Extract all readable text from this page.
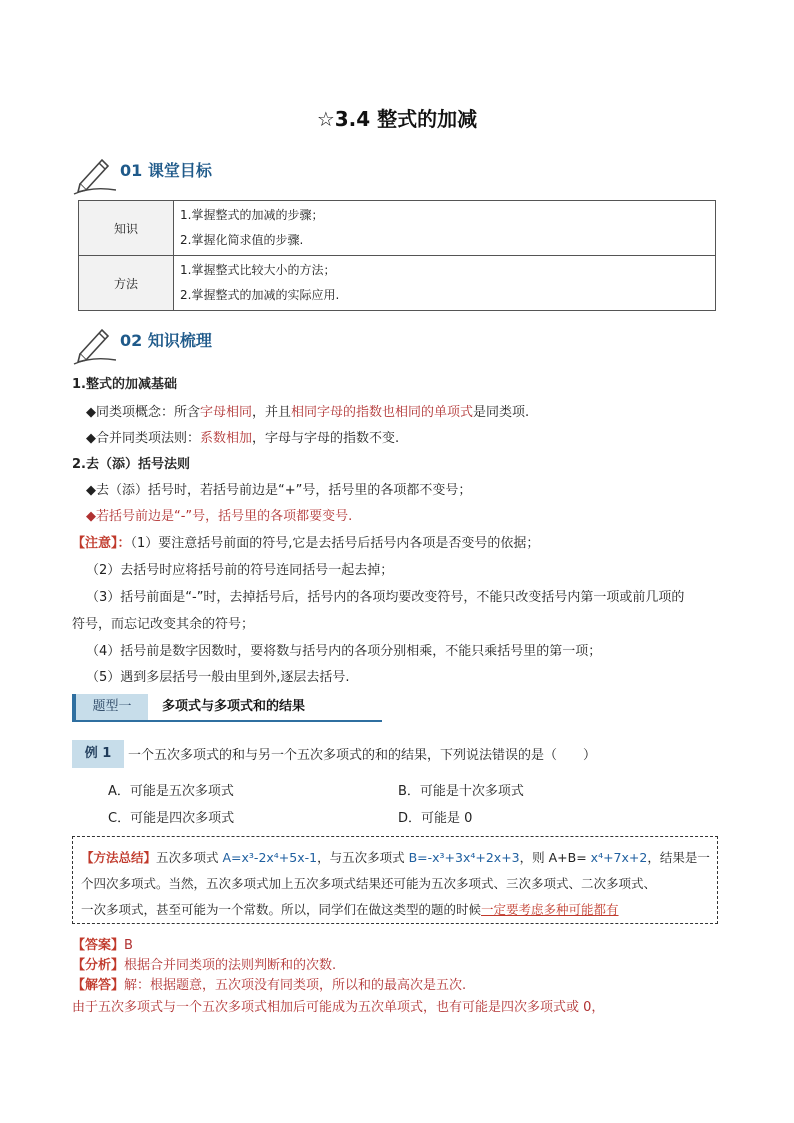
☆3.4 整式的加减
01 课堂目标
知识	1.掌握整式的加减的步骤；
2.掌握化简求值的步骤.

方法	1.掌握整式比较大小的方法；
2.掌握整式的加减的实际应用.
02 知识梳理
1.整式的加减基础
◆同类项概念：所含字母相同，并且相同字母的指数也相同的单项式是同类项.
◆合并同类项法则：系数相加，字母与字母的指数不变.
2.去（添）括号法则
◆去（添）括号时，若括号前边是“+”号，括号里的各项都不变号；
◆若括号前边是“-”号，括号里的各项都要变号.
【注意】：（1）要注意括号前面的符号,它是去括号后括号内各项是否变号的依据；
（2）去括号时应将括号前的符号连同括号一起去掉；
（3）括号前面是“-”时，去掉括号后，括号内的各项均要改变符号，不能只改变括号内第一项或前几项的
符号，而忘记改变其余的符号；
（4）括号前是数字因数时，要将数与括号内的各项分别相乘，不能只乘括号里的第一项；
（5）遇到多层括号一般由里到外,逐层去括号.
题型一	多项式与多项式和的结果
例 1	一个五次多项式的和与另一个五次多项式的和的结果，下列说法错误的是（　　）
A．可能是五次多项式	B．可能是十次多项式
C．可能是四次多项式	D．可能是 0
【方法总结】五次多项式 A=x³-2x⁴+5x-1，与五次多项式 B=-x³+3x⁴+2x+3，则 A+B= x⁴+7x+2，结果是一
个四次多项式。当然，五次多项式加上五次多项式结果还可能为五次多项式、三次多项式、二次多项式、
一次多项式，甚至可能为一个常数。所以，同学们在做这类型的题的时候一定要考虑多种可能都有
【答案】B
【分析】根据合并同类项的法则判断和的次数.
【解答】解：根据题意，五次项没有同类项，所以和的最高次是五次.
由于五次多项式与一个五次多项式相加后可能成为五次单项式，也有可能是四次多项式或 0，
